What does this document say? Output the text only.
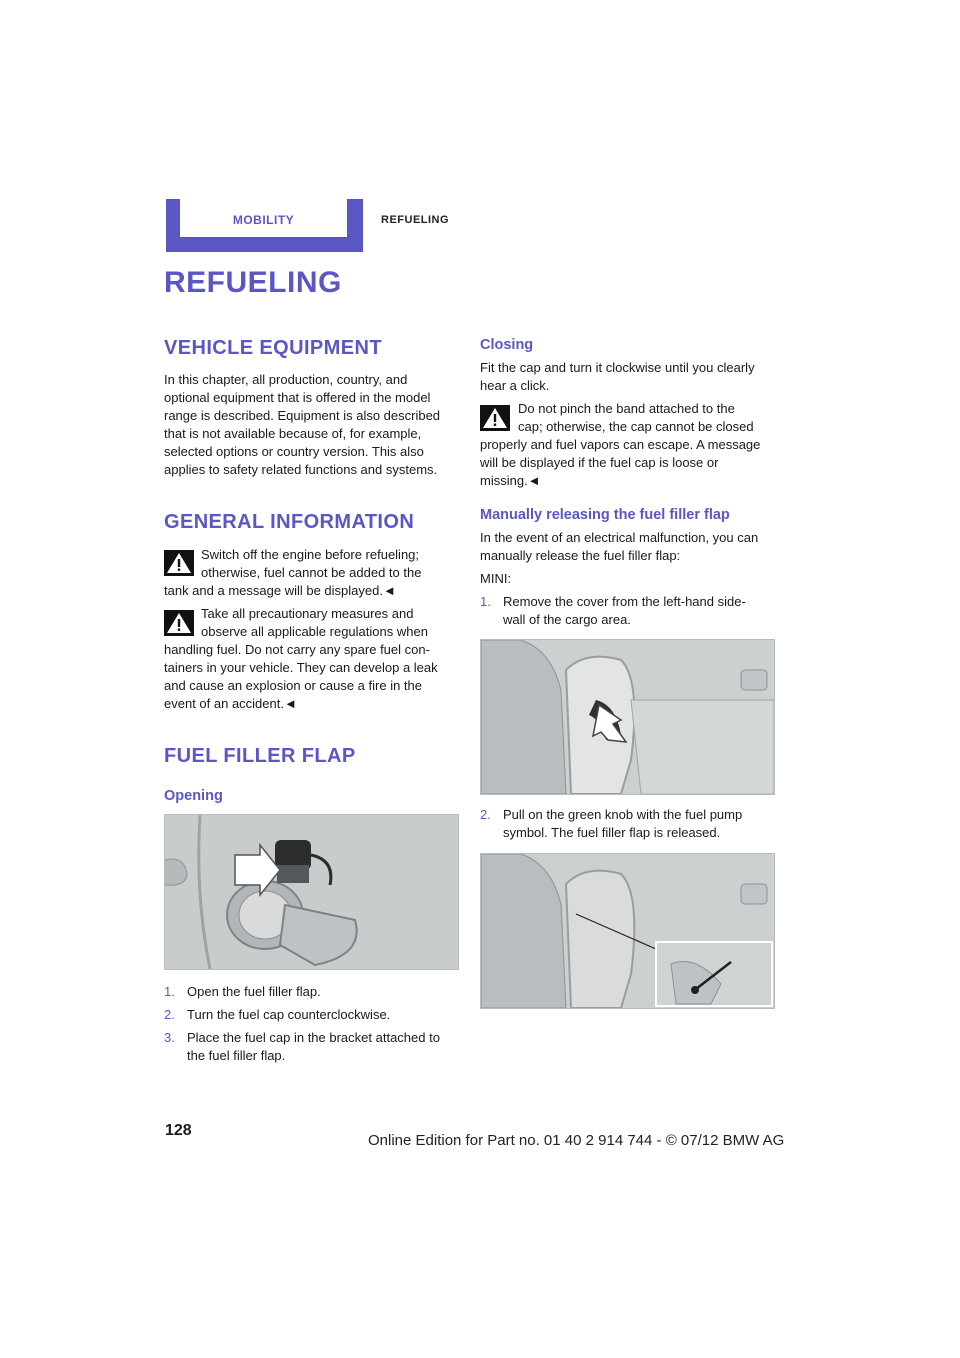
MOBILITY	REFUELING
REFUELING
VEHICLE EQUIPMENT

In this chapter, all production, country, and

optional equipment that is offered in the model

range is described. Equipment is also described

that is not available because of, for example,

selected options or country version. This also

applies to safety related functions and systems.

GENERAL INFORMATION

Switch off the engine before refueling;

otherwise, fuel cannot be added to the

tank and a message will be displayed.◄

Take all precautionary measures and

observe all applicable regulations when

handling fuel. Do not carry any spare fuel con-

tainers in your vehicle. They can develop a leak

and cause an explosion or cause a fire in the

event of an accident.◄

FUEL FILLER FLAP
Opening
1. Open the fuel filler flap.
2. Turn the fuel cap counterclockwise.
3. Place the fuel cap in the bracket attached to
the fuel filler flap.
Closing

Fit the cap and turn it clockwise until you clearly

hear a click.

Do not pinch the band attached to the

cap; otherwise, the cap cannot be closed

properly and fuel vapors can escape. A message

will be displayed if the fuel cap is loose or

missing.◄

Manually releasing the fuel filler flap

In the event of an electrical malfunction, you can

manually release the fuel filler flap:

MINI:

1. Remove the cover from the left-hand side-
wall of the cargo area.
2. Pull on the green knob with the fuel pump
symbol. The fuel filler flap is released.
128
Online Edition for Part no. 01 40 2 914 744 - © 07/12 BMW AG
